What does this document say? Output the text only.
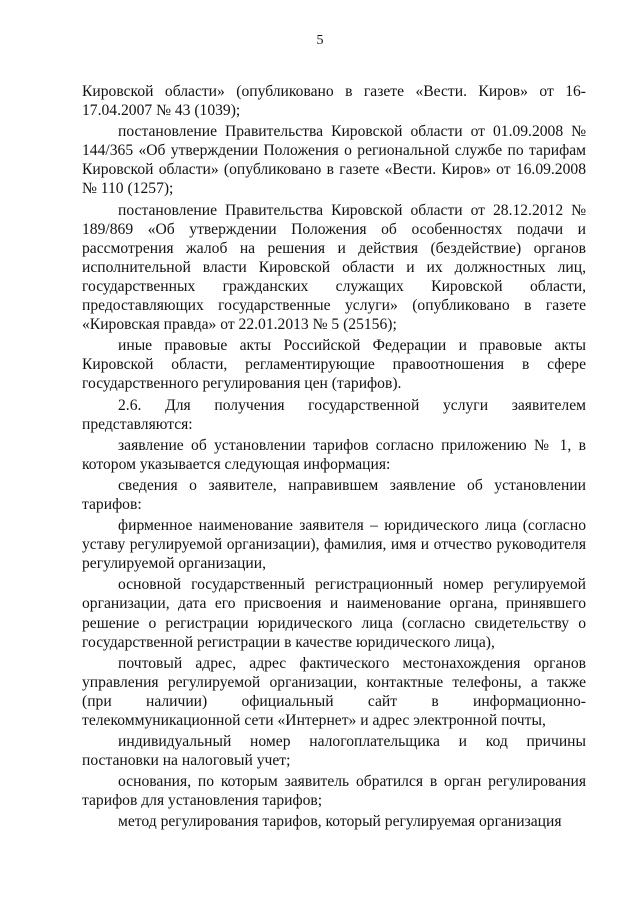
5

Кировской области» (опубликовано в газете «Вести. Киров» от 16-17.04.2007 № 43 (1039);

постановление Правительства Кировской области от 01.09.2008 № 144/365 «Об утверждении Положения о региональной службе по тарифам Кировской области» (опубликовано в газете «Вести. Киров» от 16.09.2008 № 110 (1257);

постановление Правительства Кировской области от 28.12.2012 № 189/869 «Об утверждении Положения об особенностях подачи и рассмотрения жалоб на решения и действия (бездействие) органов исполнительной власти Кировской области и их должностных лиц, государственных гражданских служащих Кировской области, предоставляющих государственные услуги» (опубликовано в газете «Кировская правда» от 22.01.2013 № 5 (25156);

иные правовые акты Российской Федерации и правовые акты Кировской области, регламентирующие правоотношения в сфере государственного регулирования цен (тарифов).

2.6. Для получения государственной услуги заявителем представляются:

заявление об установлении тарифов согласно приложению № 1, в котором указывается следующая информация:

сведения о заявителе, направившем заявление об установлении тарифов:

фирменное наименование заявителя – юридического лица (согласно уставу регулируемой организации), фамилия, имя и отчество руководителя регулируемой организации,

основной государственный регистрационный номер регулируемой организации, дата его присвоения и наименование органа, принявшего решение о регистрации юридического лица (согласно свидетельству о государственной регистрации в качестве юридического лица),

почтовый адрес, адрес фактического местонахождения органов управления регулируемой организации, контактные телефоны, а также (при наличии) официальный сайт в информационно-телекоммуникационной сети «Интернет» и адрес электронной почты,

индивидуальный номер налогоплательщика и код причины постановки на налоговый учет;

основания, по которым заявитель обратился в орган регулирования тарифов для установления тарифов;

метод регулирования тарифов, который регулируемая организация
